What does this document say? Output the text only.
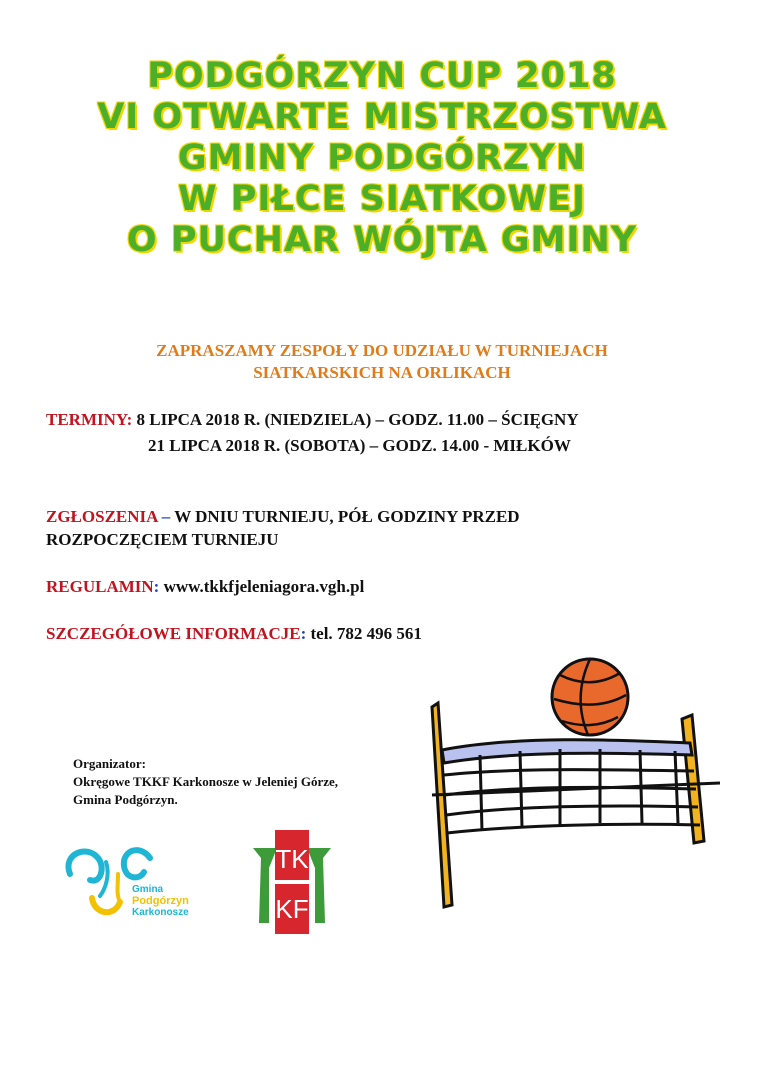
PODGÓRZYN CUP 2018
VI OTWARTE MISTRZOSTWA
GMINY PODGÓRZYN
W PIŁCE SIATKOWEJ
O PUCHAR WÓJTA GMINY
ZAPRASZAMY ZESPOŁY DO UDZIAŁU W TURNIEJACH
SIATKARSKICH NA ORLIKACH
TERMINY: 8 LIPCA 2018 R. (NIEDZIELA) – GODZ. 11.00 – ŚCIĘGNY
21 LIPCA 2018 R. (SOBOTA) – GODZ. 14.00 - MIŁKÓW
ZGŁOSZENIA – W DNIU TURNIEJU, PÓŁ GODZINY PRZED
ROZPOCZĘCIEM TURNIEJU
REGULAMIN: www.tkkfjeleniagora.vgh.pl
SZCZEGÓŁOWE INFORMACJE: tel. 782 496 561
Organizator:
Okręgowe TKKF Karkonosze w Jeleniej Górze,
Gmina Podgórzyn.
Gmina
Podgórzyn
Karkonosze
TK
KF
